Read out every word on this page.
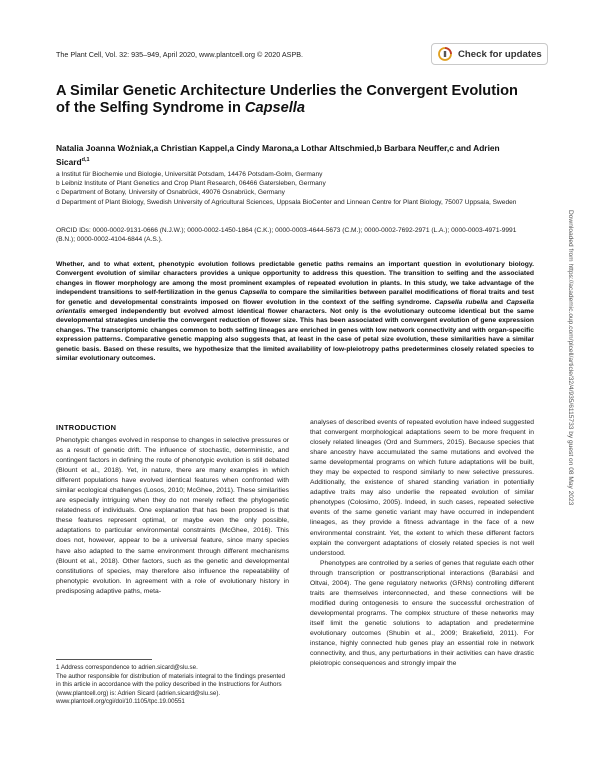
The Plant Cell, Vol. 32: 935–949, April 2020, www.plantcell.org © 2020 ASPB.	Check for updates
A Similar Genetic Architecture Underlies the Convergent Evolution of the Selfing Syndrome in Capsella
Natalia Joanna Woźniak,a Christian Kappel,a Cindy Marona,a Lothar Altschmied,b Barbara Neuffer,c and Adrien Sicard$^{d,1}$
a Institut für Biochemie und Biologie, Universität Potsdam, 14476 Potsdam-Golm, Germany
b Leibniz Institute of Plant Genetics and Crop Plant Research, 06466 Gatersleben, Germany
c Department of Botany, University of Osnabrück, 49076 Osnabrück, Germany
d Department of Plant Biology, Swedish University of Agricultural Sciences, Uppsala BioCenter and Linnean Centre for Plant Biology, 75007 Uppsala, Sweden
ORCID IDs: 0000-0002-9131-0666 (N.J.W.); 0000-0002-1450-1864 (C.K.); 0000-0003-4644-5673 (C.M.); 0000-0002-7692-2971 (L.A.); 0000-0003-4971-9991 (B.N.); 0000-0002-4104-6844 (A.S.).
Whether, and to what extent, phenotypic evolution follows predictable genetic paths remains an important question in evolutionary biology. Convergent evolution of similar characters provides a unique opportunity to address this question. The transition to selfing and the associated changes in flower morphology are among the most prominent examples of repeated evolution in plants. In this study, we take advantage of the independent transitions to self-fertilization in the genus Capsella to compare the similarities between parallel modifications of floral traits and test for genetic and developmental constraints imposed on flower evolution in the context of the selfing syndrome. Capsella rubella and Capsella orientalis emerged independently but evolved almost identical flower characters. Not only is the evolutionary outcome identical but the same developmental strategies underlie the convergent reduction of flower size. This has been associated with convergent evolution of gene expression changes. The transcriptomic changes common to both selfing lineages are enriched in genes with low network connectivity and with organ-specific expression patterns. Comparative genetic mapping also suggests that, at least in the case of petal size evolution, these similarities have a similar genetic basis. Based on these results, we hypothesize that the limited availability of low-pleiotropy paths predetermines closely related species to similar evolutionary outcomes.
INTRODUCTION

Phenotypic changes evolved in response to changes in selective pressures or as a result of genetic drift. The influence of stochastic, deterministic, and contingent factors in defining the route of phenotypic evolution is still debated (Blount et al., 2018). Yet, in nature, there are many examples in which different populations have evolved identical features when confronted with similar ecological challenges (Losos, 2010; McGhee, 2011). These similarities are especially intriguing when they do not merely reflect the phylogenetic relatedness of individuals. One explanation that has been proposed is that these features represent optimal, or maybe even the only possible, adaptations to particular environmental constraints (McGhee, 2016). This does not, however, appear to be a universal feature, since many species have also adapted to the same environment through different mechanisms (Blount et al., 2018). Other factors, such as the genetic and developmental constitutions of species, may therefore also influence the repeatability of phenotypic evolution. In agreement with a role of evolutionary history in predisposing adaptive paths, meta-

analyses of described events of repeated evolution have indeed suggested that convergent morphological adaptations seem to be more frequent in closely related lineages (Ord and Summers, 2015). Because species that share ancestry have accumulated the same mutations and evolved the same developmental programs on which future adaptations will be built, they may be expected to respond similarly to new selective pressures. Additionally, the existence of shared standing variation in potentially adaptive traits may also underlie the repeated evolution of similar phenotypes (Colosimo, 2005). Indeed, in such cases, repeated selective events of the same genetic variant may have occurred in independent lineages, as they provide a fitness advantage in the face of a new environmental constraint. Yet, the extent to which these different factors explain the convergent adaptations of closely related species is not well understood.

Phenotypes are controlled by a series of genes that regulate each other through transcription or posttranscriptional interactions (Barabási and Oltvai, 2004). The gene regulatory networks (GRNs) controlling different traits are themselves interconnected, and these connections will be modified during ontogenesis to ensure the successful orchestration of developmental programs. The complex structure of these networks may itself limit the genetic solutions to adaptation and predetermine evolutionary outcomes (Shubin et al., 2009; Brakefield, 2011). For instance, highly connected hub genes play an essential role in network connectivity, and thus, any perturbations in their activities can have drastic pleiotropic consequences and strongly impair the

1 Address correspondence to adrien.sicard@slu.se.

The author responsible for distribution of materials integral to the findings presented in this article in accordance with the policy described in the Instructions for Authors (www.plantcell.org) is: Adrien Sicard (adrien.sicard@slu.se).

www.plantcell.org/cgi/doi/10.1105/tpc.19.00551

Downloaded from https://academic.oup.com/plcell/article/32/4/935/6115733 by guest on 08 May 2023
